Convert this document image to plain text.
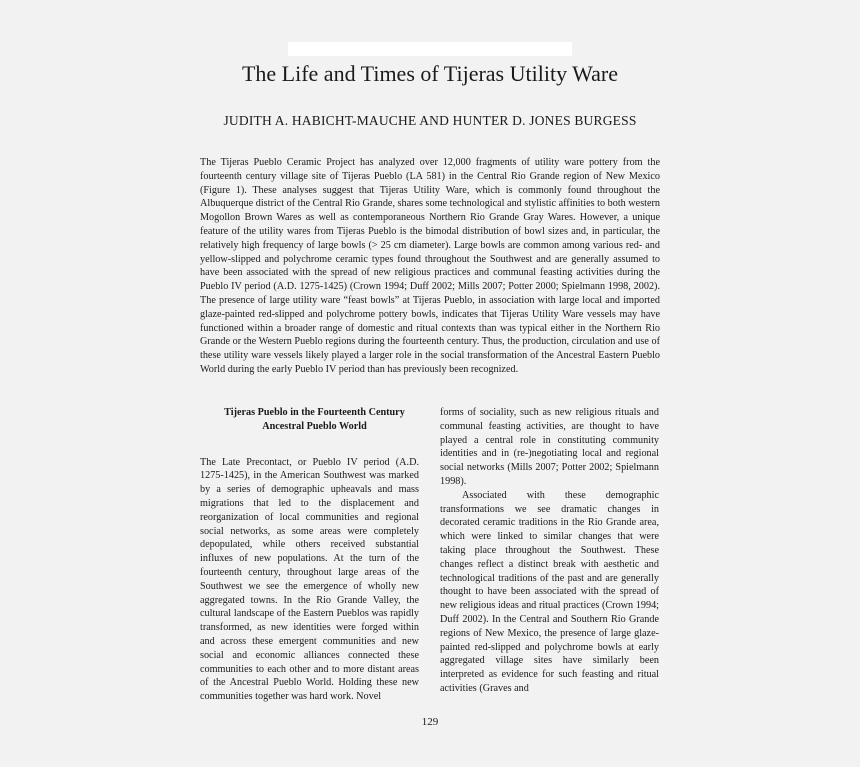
The Life and Times of Tijeras Utility Ware
JUDITH A. HABICHT-MAUCHE AND HUNTER D. JONES BURGESS
The Tijeras Pueblo Ceramic Project has analyzed over 12,000 fragments of utility ware pottery from the fourteenth century village site of Tijeras Pueblo (LA 581) in the Central Rio Grande region of New Mexico (Figure 1). These analyses suggest that Tijeras Utility Ware, which is commonly found throughout the Albuquerque district of the Central Rio Grande, shares some technological and stylistic affinities to both western Mogollon Brown Wares as well as contemporaneous Northern Rio Grande Gray Wares. However, a unique feature of the utility wares from Tijeras Pueblo is the bimodal distribution of bowl sizes and, in particular, the relatively high frequency of large bowls (> 25 cm diameter). Large bowls are common among various red- and yellow-slipped and polychrome ceramic types found throughout the Southwest and are generally assumed to have been associated with the spread of new religious practices and communal feasting activities during the Pueblo IV period (A.D. 1275-1425) (Crown 1994; Duff 2002; Mills 2007; Potter 2000; Spielmann 1998, 2002). The presence of large utility ware “feast bowls” at Tijeras Pueblo, in association with large local and imported glaze-painted red-slipped and polychrome pottery bowls, indicates that Tijeras Utility Ware vessels may have functioned within a broader range of domestic and ritual contexts than was typical either in the Northern Rio Grande or the Western Pueblo regions during the fourteenth century. Thus, the production, circulation and use of these utility ware vessels likely played a larger role in the social transformation of the Ancestral Eastern Pueblo World during the early Pueblo IV period than has previously been recognized.
Tijeras Pueblo in the Fourteenth Century
Ancestral Pueblo World

The Late Precontact, or Pueblo IV period (A.D. 1275-1425), in the American Southwest was marked by a series of demographic upheavals and mass migrations that led to the displacement and reorganization of local communities and regional social networks, as some areas were completely depopulated, while others received substantial influxes of new populations. At the turn of the fourteenth century, throughout large areas of the Southwest we see the emergence of wholly new aggregated towns. In the Rio Grande Valley, the cultural landscape of the Eastern Pueblos was rapidly transformed, as new identities were forged within and across these emergent communities and new social and economic alliances connected these communities to each other and to more distant areas of the Ancestral Pueblo World. Holding these new communities together was hard work. Novel

forms of sociality, such as new religious rituals and communal feasting activities, are thought to have played a central role in constituting community identities and in (re-)negotiating local and regional social networks (Mills 2007; Potter 2002; Spielmann 1998).

Associated with these demographic transformations we see dramatic changes in decorated ceramic traditions in the Rio Grande area, which were linked to similar changes that were taking place throughout the Southwest. These changes reflect a distinct break with aesthetic and technological traditions of the past and are generally thought to have been associated with the spread of new religious ideas and ritual practices (Crown 1994; Duff 2002). In the Central and Southern Rio Grande regions of New Mexico, the presence of large glaze-painted red-slipped and polychrome bowls at early aggregated village sites have similarly been interpreted as evidence for such feasting and ritual activities (Graves and

129
